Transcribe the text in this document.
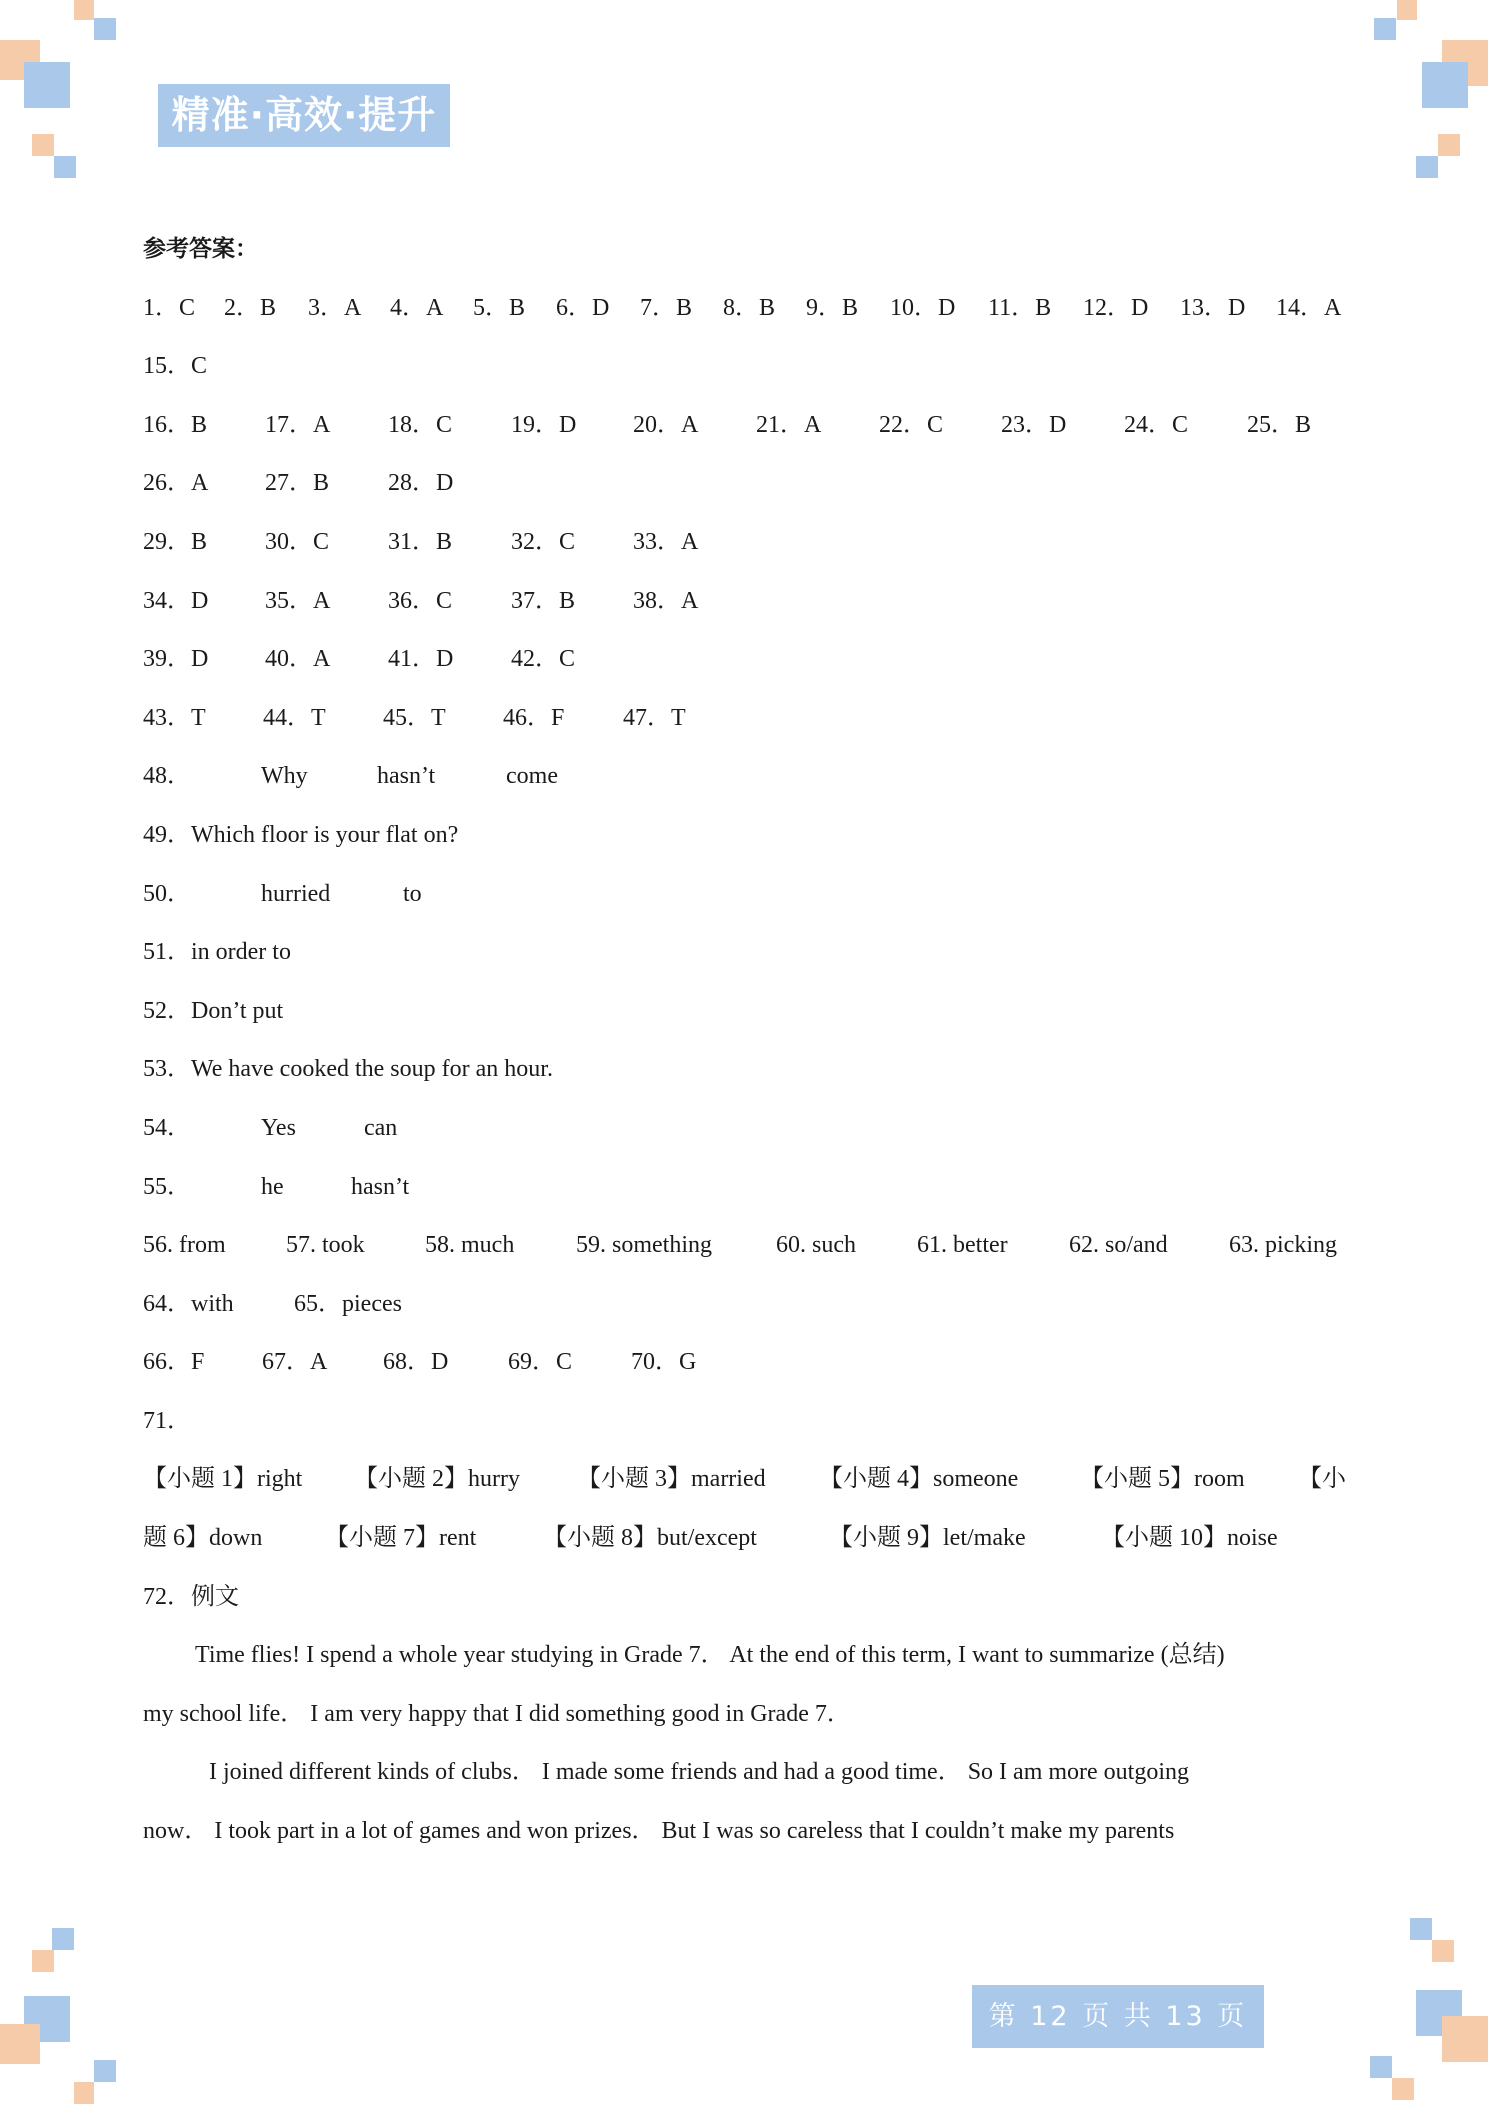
精准·高效·提升
参考答案：
1．C 2．B 3．A 4．A 5．B 6．D 7．B 8．B 9．B 10．D 11．B 12．D 13．D 14．A
15．C
16．B 17．A 18．C 19．D 20．A 21．A 22．C 23．D 24．C 25．B
26．A 27．B 28．D
29．B 30．C 31．B 32．C 33．A
34．D 35．A 36．C 37．B 38．A
39．D 40．A 41．D 42．C
43．T 44．T 45．T 46．F 47．T
48．	Why	hasn’t	come
49．Which floor is your flat on?
50．	hurried	to
51．in order to
52．Don’t put
53．We have cooked the soup for an hour.
54．	Yes	can
55．	he	hasn’t
56. from	57. took	58. much	59. something	60. such	61. better	62. so/and	63. picking
64．with	65．pieces
66．F 67．A 68．D 69．C 70．G
71．
【小题 1】right 【小题 2】hurry 【小题 3】married 【小题 4】someone	【小题 5】room 【小
题 6】down	【小题 7】rent	【小题 8】but/except	【小题 9】let/make	【小题 10】noise
72．例文
Time flies! I spend a whole year studying in Grade 7． At the end of this term, I want to summarize (总结)
my school life． I am very happy that I did something good in Grade 7．
I joined different kinds of clubs． I made some friends and had a good time． So I am more outgoing
now． I took part in a lot of games and won prizes． But I was so careless that I couldn’t make my parents
第 12 页 共 13 页
